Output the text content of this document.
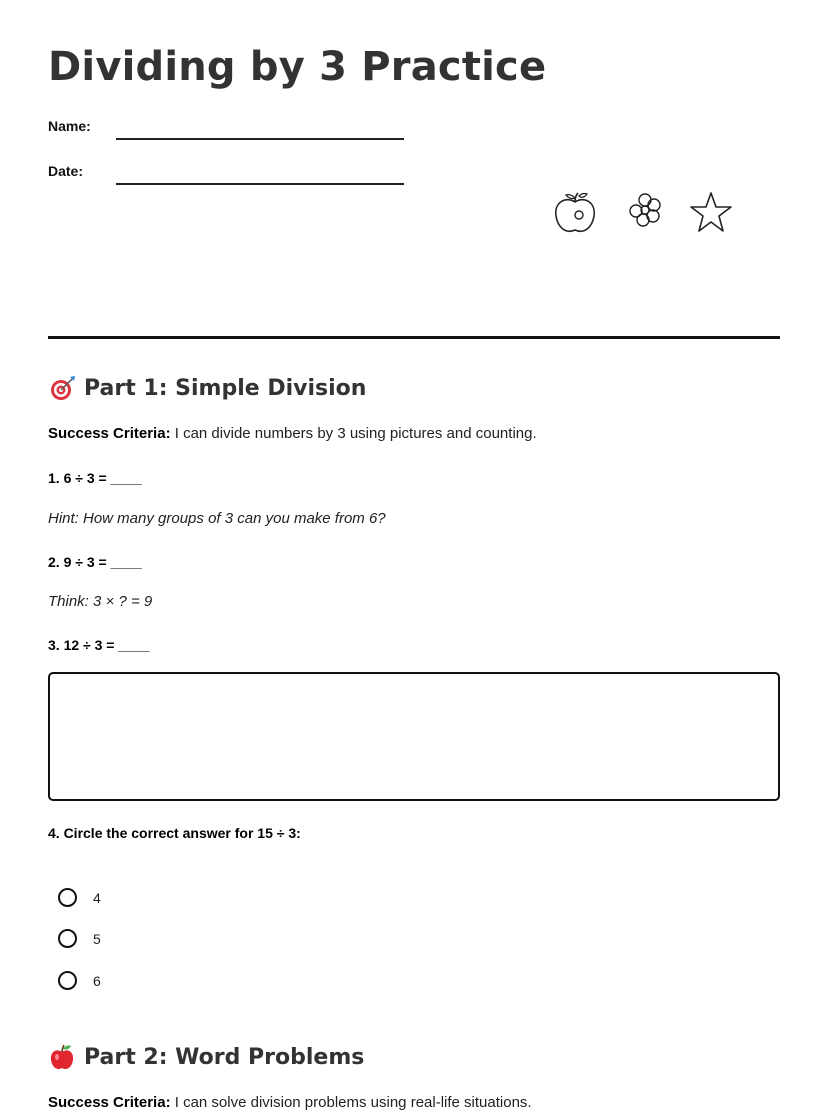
Dividing by 3 Practice
Name:
Date:
Part 1: Simple Division
Success Criteria: I can divide numbers by 3 using pictures and counting.
1. 6 ÷ 3 = ____
Hint: How many groups of 3 can you make from 6?
2. 9 ÷ 3 = ____
Think: 3 × ? = 9
3. 12 ÷ 3 = ____
4. Circle the correct answer for 15 ÷ 3:
4
5
6
Part 2: Word Problems
Success Criteria: I can solve division problems using real-life situations.
